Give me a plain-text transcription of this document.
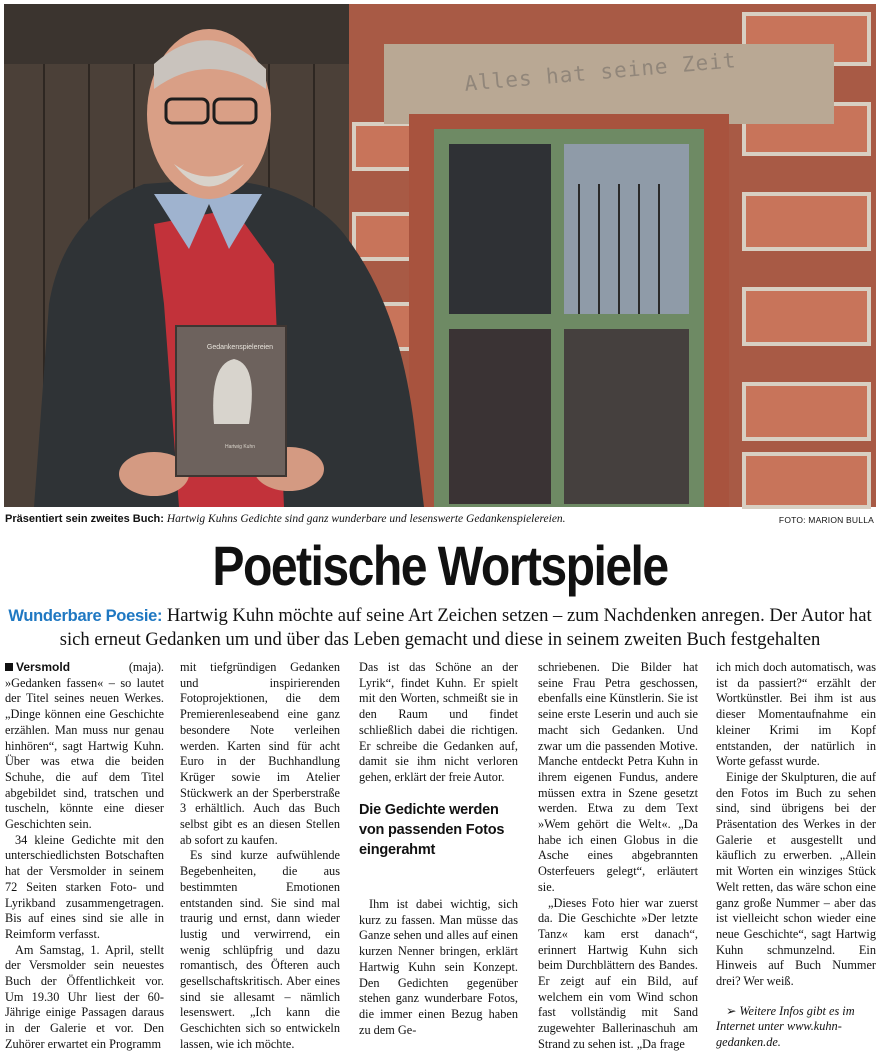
Alles hat seine Zeit
Gedankenspielereien
Hartwig Kuhn
Präsentiert sein zweites Buch: Hartwig Kuhns Gedichte sind ganz wunderbare und lesenswerte Gedankenspielereien.	FOTO: MARION BULLA
Poetische Wortspiele
Wunderbare Poesie: Hartwig Kuhn möchte auf seine Art Zeichen setzen – zum Nachdenken anregen. Der Autor hat sich erneut Gedanken um und über das Leben gemacht und diese in seinem zweiten Buch festgehalten

Versmold (maja). »Gedanken fassen« – so lautet der Titel seines neuen Werkes. „Dinge können eine Geschichte erzählen. Man muss nur genau hinhören“, sagt Hartwig Kuhn. Über was etwa die beiden Schuhe, die auf dem Titel abgebildet sind, tratschen und tuscheln, könnte eine dieser Geschichten sein.

34 kleine Gedichte mit den unterschiedlichsten Botschaften hat der Versmolder in seinem 72 Seiten starken Foto- und Lyrikband zusammengetragen. Bis auf eines sind sie alle in Reimform verfasst.

Am Samstag, 1. April, stellt der Versmolder sein neuestes Buch der Öffentlichkeit vor. Um 19.30 Uhr liest der 60-Jährige einige Passagen daraus in der Galerie et vor. Den Zuhörer erwartet ein Programm

mit tiefgründigen Gedanken und inspirierenden Fotoprojektionen, die dem Premierenleseabend eine ganz besondere Note verleihen werden. Karten sind für acht Euro in der Buchhandlung Krüger sowie im Atelier Stückwerk an der Sperberstraße 3 erhältlich. Auch das Buch selbst gibt es an diesen Stellen ab sofort zu kaufen.

Es sind kurze aufwühlende Begebenheiten, die aus bestimmten Emotionen entstanden sind. Sie sind mal traurig und ernst, dann wieder lustig und verwirrend, ein wenig schlüpfrig und dazu romantisch, des Öfteren auch gesellschaftskritisch. Aber eines sind sie allesamt – nämlich lesenswert. „Ich kann die Geschichten sich so entwickeln lassen, wie ich möchte.

Das ist das Schöne an der Lyrik“, findet Kuhn. Er spielt mit den Worten, schmeißt sie in den Raum und findet schließlich dabei die richtigen. Er schreibe die Gedanken auf, damit sie ihm nicht verloren gehen, erklärt der freie Autor.

Die Gedichte werden von passenden Fotos eingerahmt

Ihm ist dabei wichtig, sich kurz zu fassen. Man müsse das Ganze sehen und alles auf einen kurzen Nenner bringen, erklärt Hartwig Kuhn sein Konzept. Den Gedichten gegenüber stehen ganz wunderbare Fotos, die immer einen Bezug haben zu dem Ge-

schriebenen. Die Bilder hat seine Frau Petra geschossen, ebenfalls eine Künstlerin. Sie ist seine erste Leserin und auch sie macht sich Gedanken. Und zwar um die passenden Motive. Manche entdeckt Petra Kuhn in ihrem eigenen Fundus, andere müssen extra in Szene gesetzt werden. Etwa zu dem Text »Wem gehört die Welt«. „Da habe ich einen Globus in die Asche eines abgebrannten Osterfeuers gelegt“, erläutert sie.

„Dieses Foto hier war zuerst da. Die Geschichte »Der letzte Tanz« kam erst danach“, erinnert Hartwig Kuhn sich beim Durchblättern des Bandes. Er zeigt auf ein Bild, auf welchem ein vom Wind schon fast vollständig mit Sand zugewehter Ballerinaschuh am Strand zu sehen ist. „Da frage

ich mich doch automatisch, was ist da passiert?“ erzählt der Wortkünstler. Bei ihm ist aus dieser Momentaufnahme ein kleiner Krimi im Kopf entstanden, der natürlich in Worte gefasst wurde.

Einige der Skulpturen, die auf den Fotos im Buch zu sehen sind, sind übrigens bei der Präsentation des Werkes in der Galerie et ausgestellt und käuflich zu erwerben. „Allein mit Worten ein winziges Stück Welt retten, das wäre schon eine ganz große Nummer – aber das ist vielleicht schon wieder eine neue Geschichte“, sagt Hartwig Kuhn schmunzelnd. Ein Hinweis auf Buch Nummer drei? Wer weiß.

➢ Weitere Infos gibt es im Internet unter www.kuhn-gedanken.de.
